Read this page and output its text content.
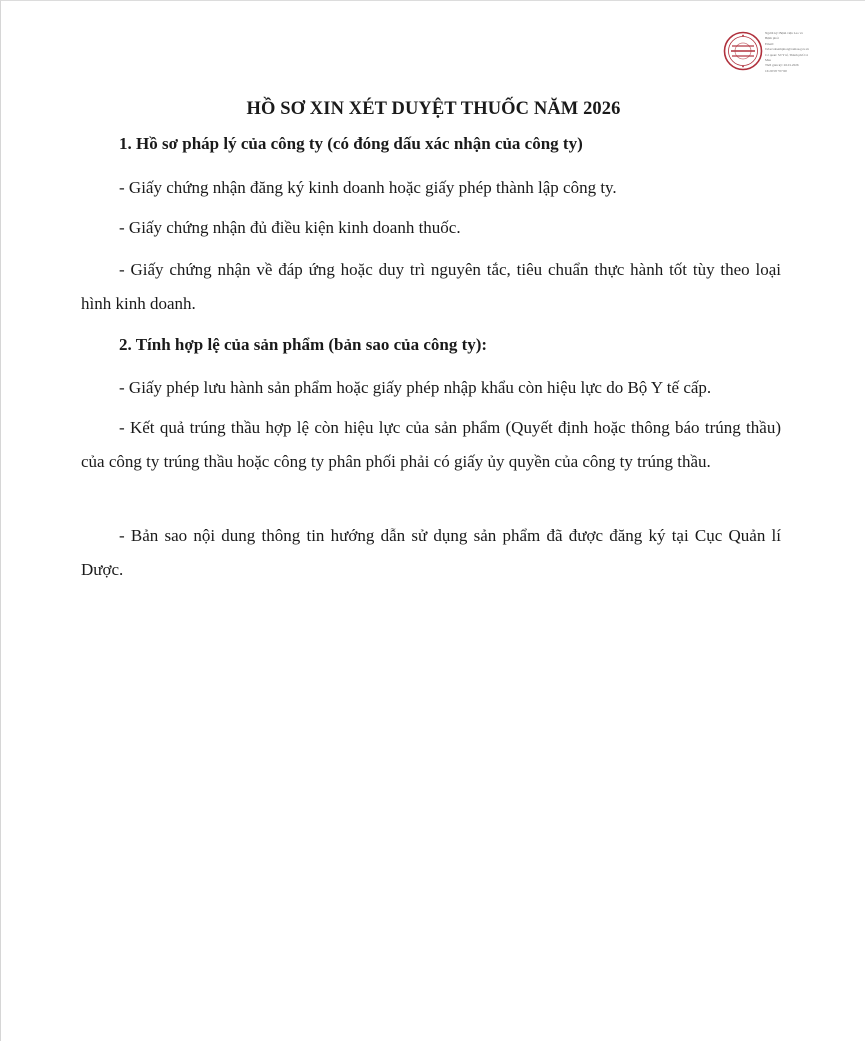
Người ký: Bệnh viện Lao và
Bệnh phổi
Email:
bvlaovabenhphoi@camau.gov.vn
Cơ quan: Sở Y tế, Thành phố Cà
Mau
Thời gian ký: 26.01.2026
16:20:58 +07:00
HỒ SƠ XIN XÉT DUYỆT THUỐC NĂM 2026
1. Hồ sơ pháp lý của công ty (có đóng dấu xác nhận của công ty)

- Giấy chứng nhận đăng ký kinh doanh hoặc giấy phép thành lập công ty.

- Giấy chứng nhận đủ điều kiện kinh doanh thuốc.

- Giấy chứng nhận về đáp ứng hoặc duy trì nguyên tắc, tiêu chuẩn thực hành tốt tùy theo loại hình kinh doanh.

2. Tính hợp lệ của sản phẩm (bản sao của công ty):

- Giấy phép lưu hành sản phẩm hoặc giấy phép nhập khẩu còn hiệu lực do Bộ Y tế cấp.

- Kết quả trúng thầu hợp lệ còn hiệu lực của sản phẩm (Quyết định hoặc thông báo trúng thầu) của công ty trúng thầu hoặc công ty phân phối phải có giấy ủy quyền của công ty trúng thầu.

- Bản sao nội dung thông tin hướng dẫn sử dụng sản phẩm đã được đăng ký tại Cục Quản lí Dược.
